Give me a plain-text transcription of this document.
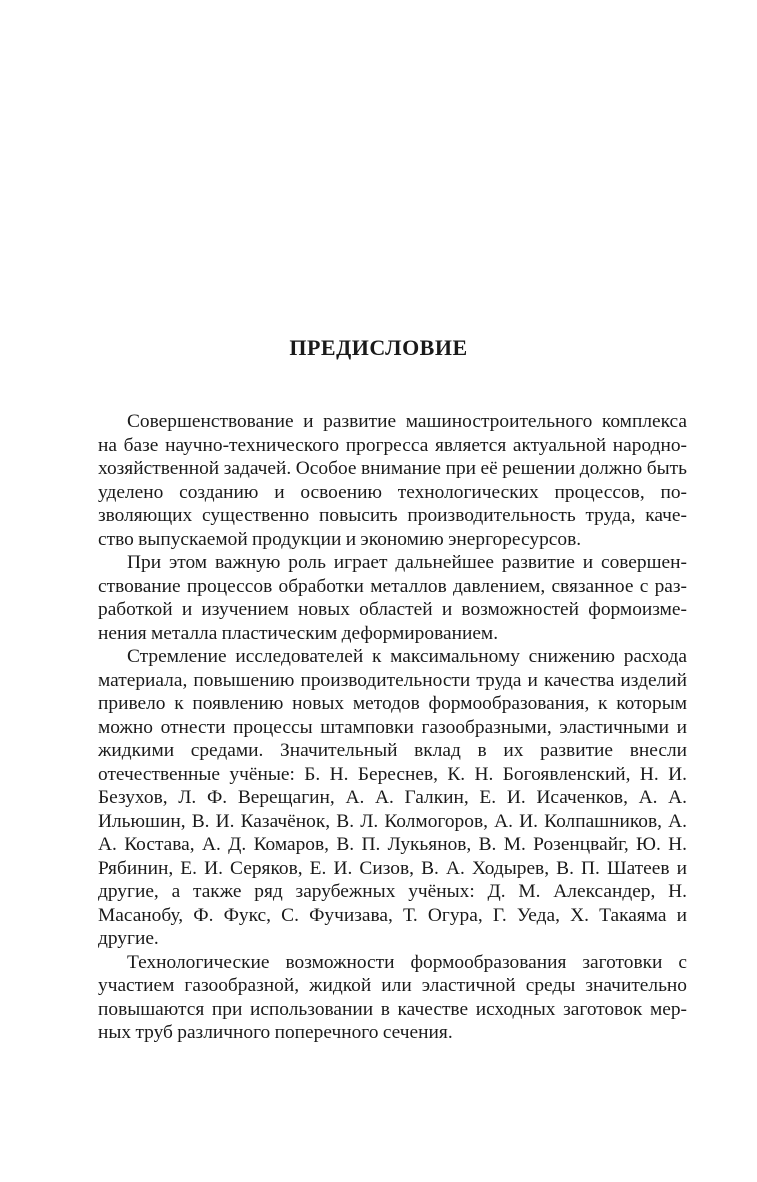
ПРЕДИСЛОВИЕ

Совершенствование и развитие машиностроительного комплекса на базе научно-технического прогресса является актуальной народнохозяйственной задачей. Особое внимание при её решении должно быть уделено созданию и освоению технологических процессов, позволяющих существенно повысить производительность труда, качество выпускаемой продукции и экономию энергоресурсов.

При этом важную роль играет дальнейшее развитие и совершенствование процессов обработки металлов давлением, связанное с разработкой и изучением новых областей и возможностей формоизменения металла пластическим деформированием.

Стремление исследователей к максимальному снижению расхода материала, повышению производительности труда и качества изделий привело к появлению новых методов формообразования, к которым можно отнести процессы штамповки газообразными, эластичными и жидкими средами. Значительный вклад в их развитие внесли отечественные учёные: Б. Н. Береснев, К. Н. Богоявленский, Н. И. Безухов, Л. Ф. Верещагин, А. А. Галкин, Е. И. Исаченков, А. А. Ильюшин, В. И. Казачёнок, В. Л. Колмогоров, А. И. Колпашников, А. А. Костава, А. Д. Комаров, В. П. Лукьянов, В. М. Розенцвайг, Ю. Н. Рябинин, Е. И. Серяков, Е. И. Сизов, В. А. Ходырев, В. П. Шатеев и другие, а также ряд зарубежных учёных: Д. М. Александер, Н. Масанобу, Ф. Фукс, С. Фучизава, Т. Огура, Г. Уеда, Х. Такаяма и другие.

Технологические возможности формообразования заготовки с участием газообразной, жидкой или эластичной среды значительно повышаются при использовании в качестве исходных заготовок мерных труб различного поперечного сечения.
